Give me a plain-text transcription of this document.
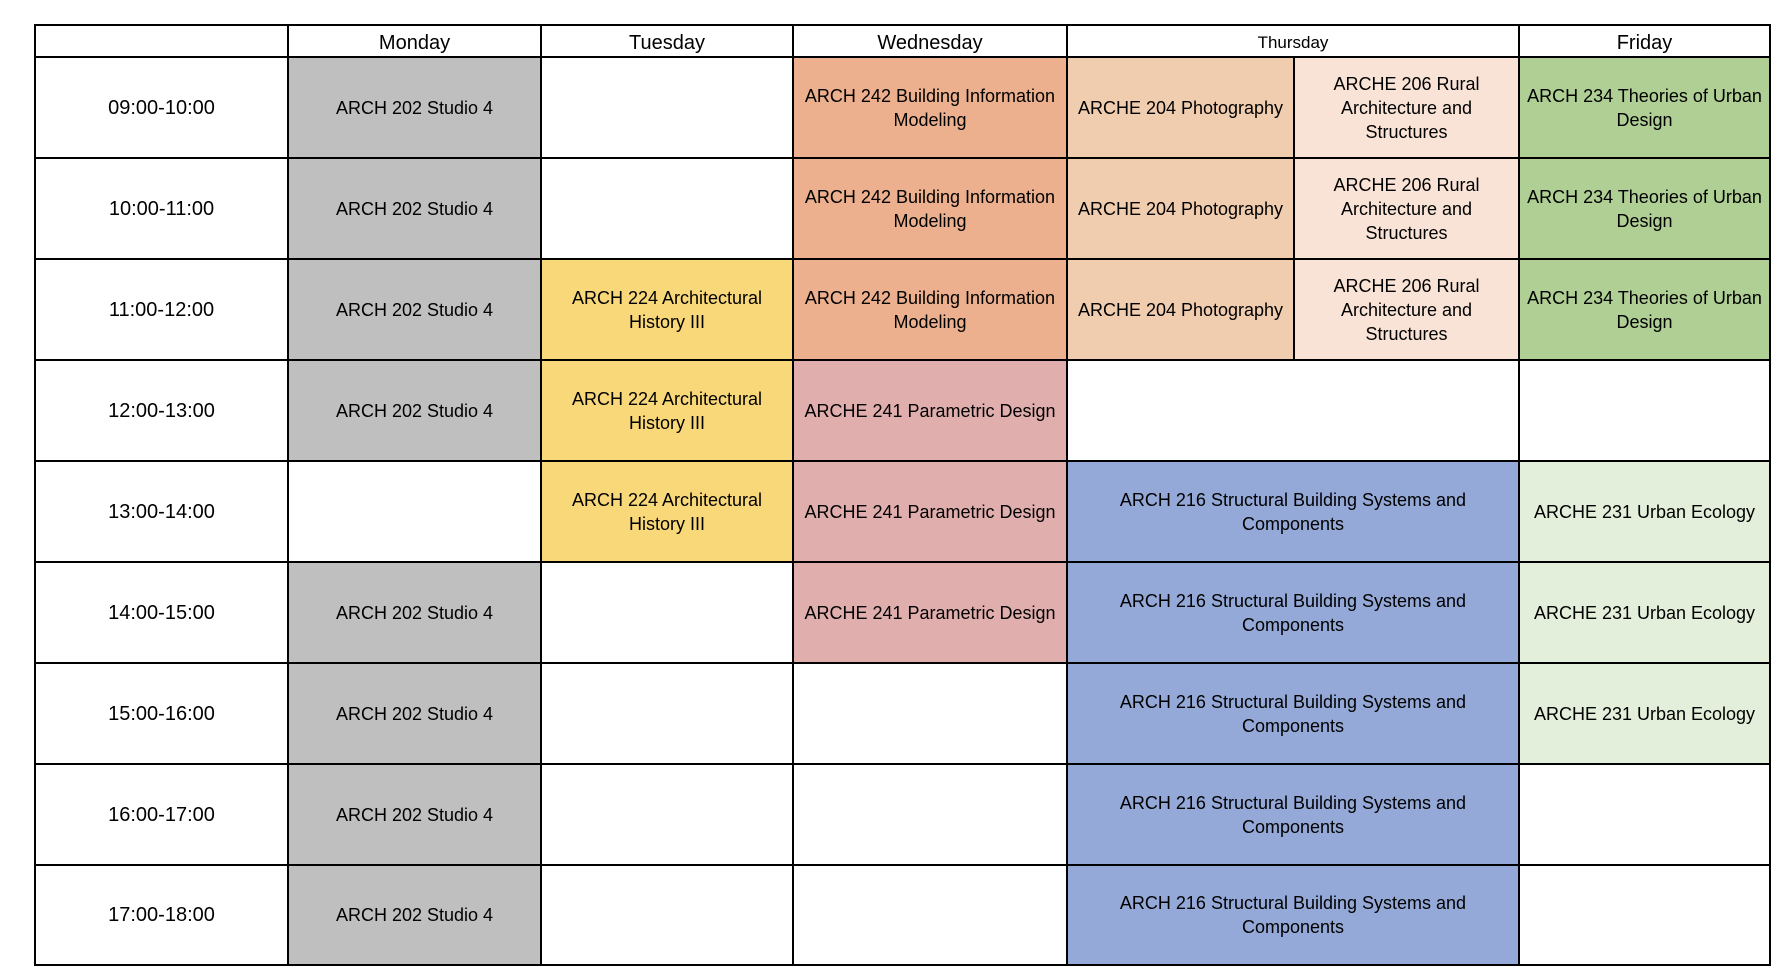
	Monday	Tuesday	Wednesday	Thursday		Friday
09:00-10:00	ARCH 202 Studio 4		ARCH 242 Building Information Modeling	ARCHE 204 Photography	ARCHE 206 Rural Architecture and Structures	ARCH 234 Theories of Urban Design
10:00-11:00	ARCH 202 Studio 4		ARCH 242 Building Information Modeling	ARCHE 204 Photography	ARCHE 206 Rural Architecture and Structures	ARCH 234 Theories of Urban Design
11:00-12:00	ARCH 202 Studio 4	ARCH 224 Architectural History III	ARCH 242 Building Information Modeling	ARCHE 204 Photography	ARCHE 206 Rural Architecture and Structures	ARCH 234 Theories of Urban Design
12:00-13:00	ARCH 202 Studio 4	ARCH 224 Architectural History III	ARCHE 241 Parametric Design			
13:00-14:00		ARCH 224 Architectural History III	ARCHE 241 Parametric Design	ARCH 216 Structural Building Systems and Components		ARCHE 231 Urban Ecology
14:00-15:00	ARCH 202 Studio 4		ARCHE 241 Parametric Design	ARCH 216 Structural Building Systems and Components		ARCHE 231 Urban Ecology
15:00-16:00	ARCH 202 Studio 4			ARCH 216 Structural Building Systems and Components		ARCHE 231 Urban Ecology
16:00-17:00	ARCH 202 Studio 4			ARCH 216 Structural Building Systems and Components		
17:00-18:00	ARCH 202 Studio 4			ARCH 216 Structural Building Systems and Components		
